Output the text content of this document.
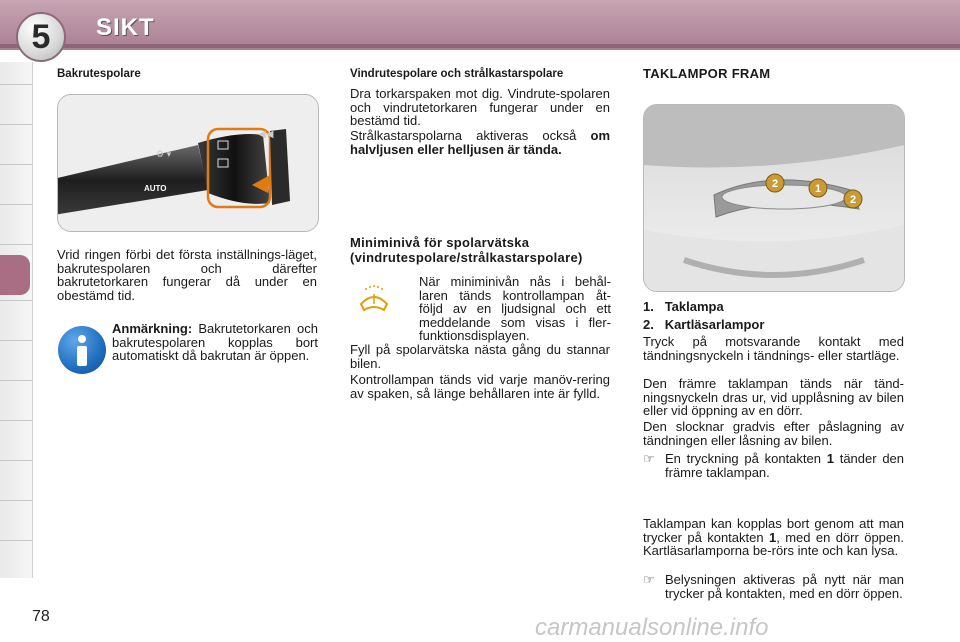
5	SIKT
Bakrutespolare
AUTO
⚙ ▾
◀◀
Vrid ringen förbi det första inställnings-läget, bakrutespolaren och därefter bakrutetorkaren fungerar då under en obestämd tid.
Anmärkning: Bakrutetorkaren och bakrutespolaren kopplas bort automatiskt då bakrutan är öppen.
Vindrutespolare och strålkastarspolare
Dra torkarspaken mot dig. Vindrute-spolaren och vindrutetorkaren fungerar under en bestämd tid.
Strålkastarspolarna aktiveras också om halvljusen eller helljusen är tända.
Miniminivå för spolarvätska
(vindrutespolare/strålkastarspolare)
När miniminivån nås i behål-laren tänds kontrollampan åt-följd av en ljudsignal och ett meddelande som visas i fler-funktionsdisplayen.
Fyll på spolarvätska nästa gång du stannar bilen.
Kontrollampan tänds vid varje manöv-rering av spaken, så länge behållaren inte är fylld.
TAKLAMPOR FRAM
2	1
2
1. Taklampa
2. Kartläsarlampor
Tryck på motsvarande kontakt med tändningsnyckeln i tändnings- eller startläge.
Den främre taklampan tänds när tänd-ningsnyckeln dras ur, vid upplåsning av bilen eller vid öppning av en dörr.
Den slocknar gradvis efter påslagning av tändningen eller låsning av bilen.
☞ En tryckning på kontakten 1 tänder den främre taklampan.
Taklampan kan kopplas bort genom att man trycker på kontakten 1, med en dörr öppen. Kartläsarlamporna be-rörs inte och kan lysa.
☞ Belysningen aktiveras på nytt när man trycker på kontakten, med en dörr öppen.
78	carmanualsonline.info
